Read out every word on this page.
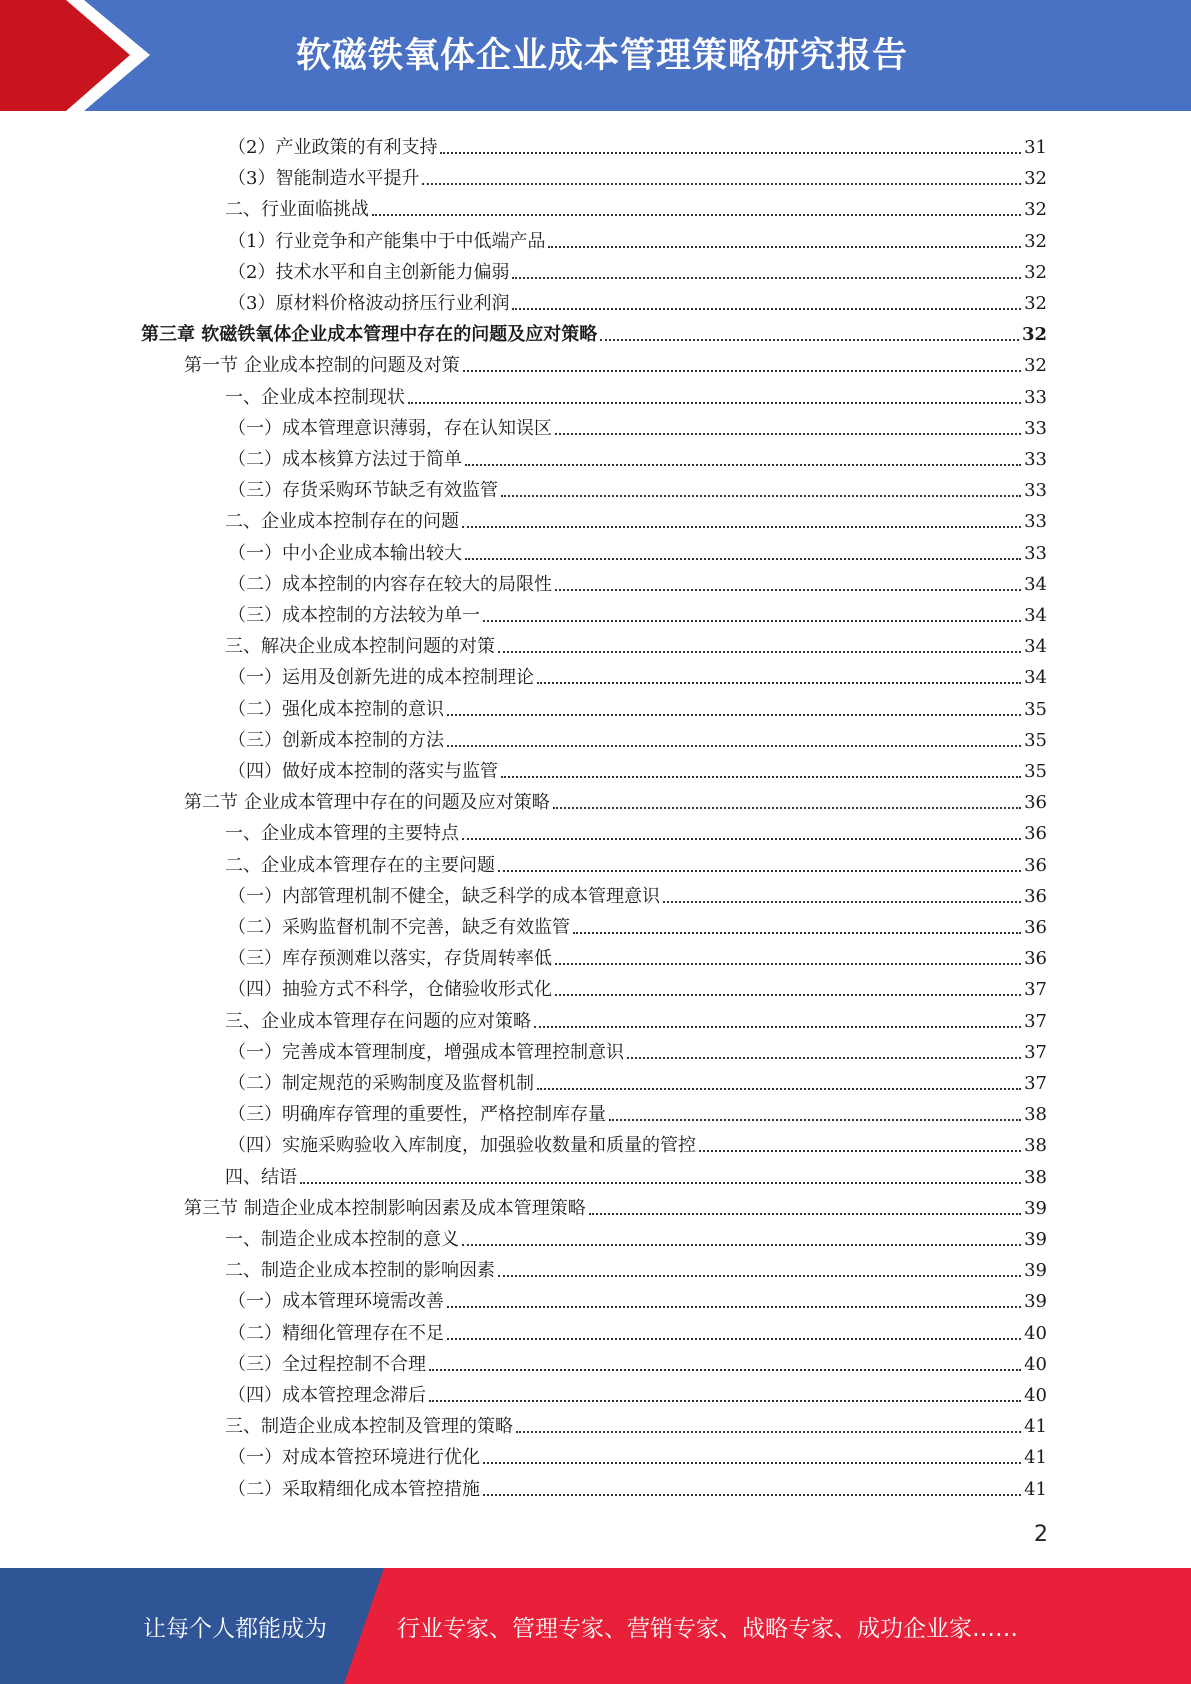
软磁铁氧体企业成本管理策略研究报告
（2）产业政策的有利支持	31
（3）智能制造水平提升	32
二、行业面临挑战	32
（1）行业竞争和产能集中于中低端产品	32
（2）技术水平和自主创新能力偏弱	32
（3）原材料价格波动挤压行业利润	32
第三章 软磁铁氧体企业成本管理中存在的问题及应对策略	32
第一节 企业成本控制的问题及对策	32
一、企业成本控制现状	33
（一）成本管理意识薄弱，存在认知误区	33
（二）成本核算方法过于简单	33
（三）存货采购环节缺乏有效监管	33
二、企业成本控制存在的问题	33
（一）中小企业成本输出较大	33
（二）成本控制的内容存在较大的局限性	34
（三）成本控制的方法较为单一	34
三、解决企业成本控制问题的对策	34
（一）运用及创新先进的成本控制理论	34
（二）强化成本控制的意识	35
（三）创新成本控制的方法	35
（四）做好成本控制的落实与监管	35
第二节 企业成本管理中存在的问题及应对策略	36
一、企业成本管理的主要特点	36
二、企业成本管理存在的主要问题	36
（一）内部管理机制不健全，缺乏科学的成本管理意识	36
（二）采购监督机制不完善，缺乏有效监管	36
（三）库存预测难以落实，存货周转率低	36
（四）抽验方式不科学，仓储验收形式化	37
三、企业成本管理存在问题的应对策略	37
（一）完善成本管理制度，增强成本管理控制意识	37
（二）制定规范的采购制度及监督机制	37
（三）明确库存管理的重要性，严格控制库存量	38
（四）实施采购验收入库制度，加强验收数量和质量的管控	38
四、结语	38
第三节 制造企业成本控制影响因素及成本管理策略	39
一、制造企业成本控制的意义	39
二、制造企业成本控制的影响因素	39
（一）成本管理环境需改善	39
（二）精细化管理存在不足	40
（三）全过程控制不合理	40
（四）成本管控理念滞后	40
三、制造企业成本控制及管理的策略	41
（一）对成本管控环境进行优化	41
（二）采取精细化成本管控措施	41
2
让每个人都能成为	行业专家、管理专家、营销专家、战略专家、成功企业家……
